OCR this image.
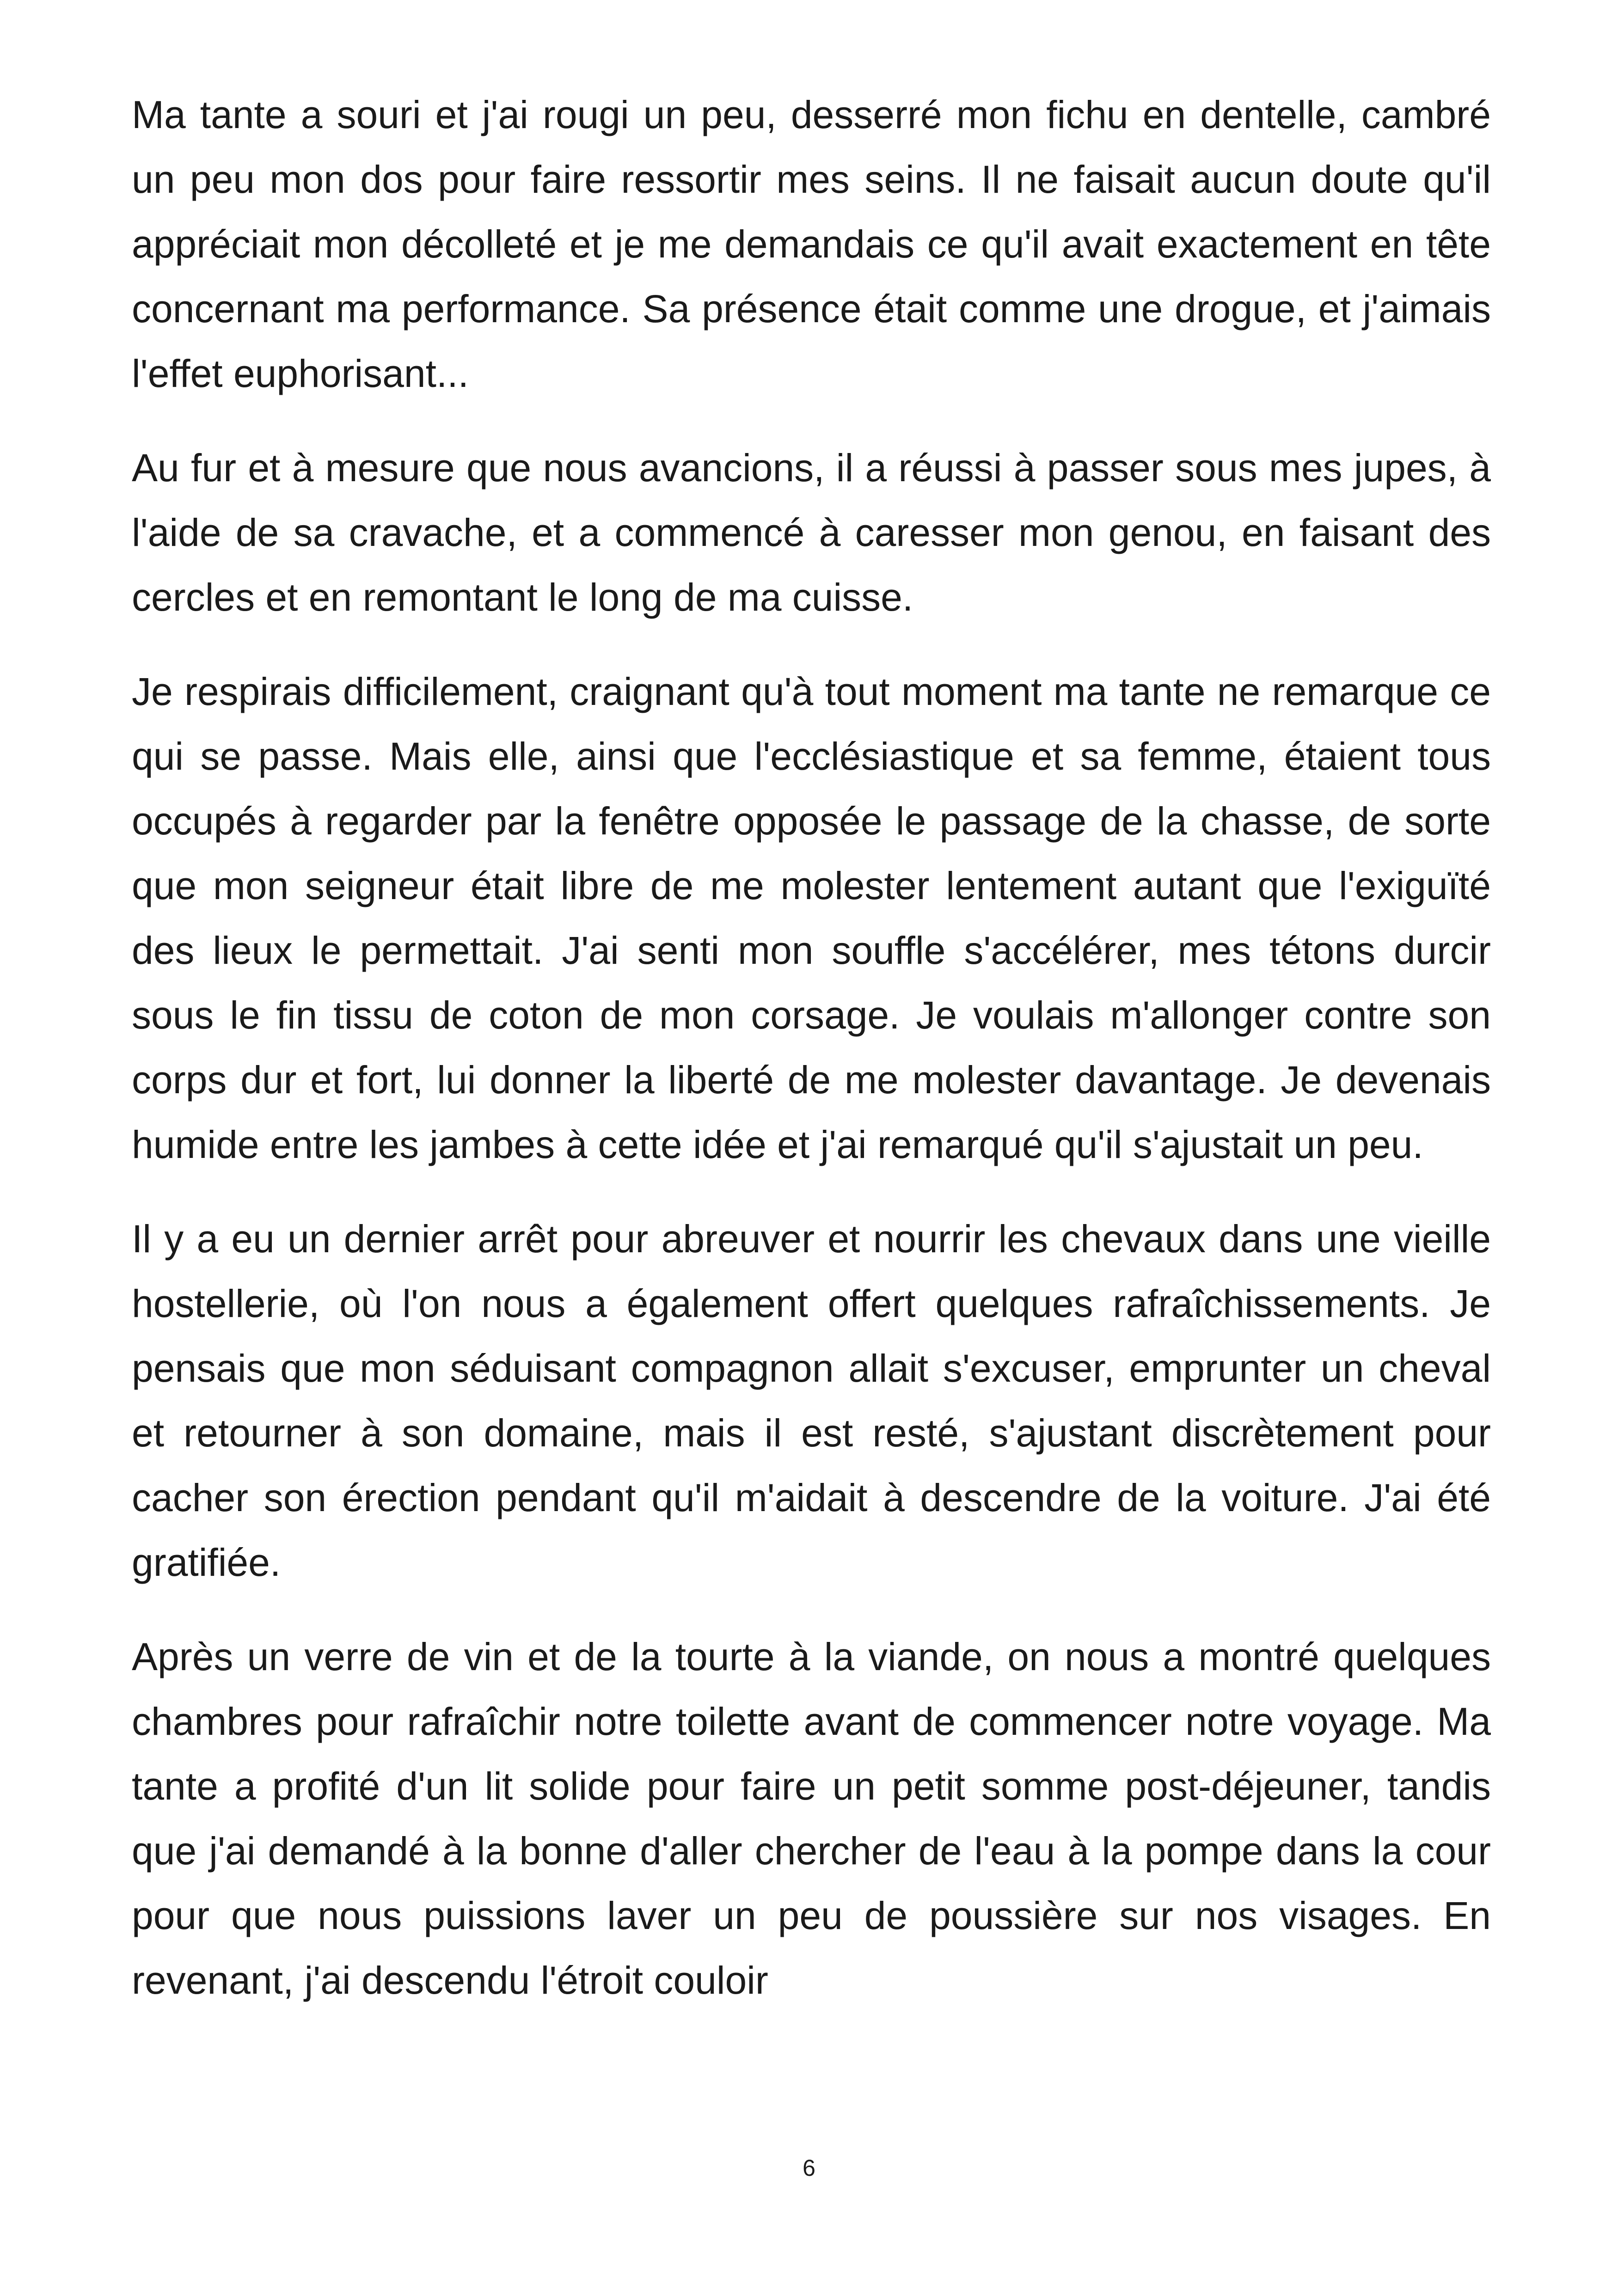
Ma tante a souri et j'ai rougi un peu, desserré mon fichu en dentelle, cambré un peu mon dos pour faire ressortir mes seins. Il ne faisait aucun doute qu'il appréciait mon décolleté et je me demandais ce qu'il avait exactement en tête concernant ma performance. Sa présence était comme une drogue, et j'aimais l'effet euphorisant...

Au fur et à mesure que nous avancions, il a réussi à passer sous mes jupes, à l'aide de sa cravache, et a commencé à caresser mon genou, en faisant des cercles et en remontant le long de ma cuisse.

Je respirais difficilement, craignant qu'à tout moment ma tante ne remarque ce qui se passe. Mais elle, ainsi que l'ecclésiastique et sa femme, étaient tous occupés à regarder par la fenêtre opposée le passage de la chasse, de sorte que mon seigneur était libre de me molester lentement autant que l'exiguïté des lieux le permettait. J'ai senti mon souffle s'accélérer, mes tétons durcir sous le fin tissu de coton de mon corsage. Je voulais m'allonger contre son corps dur et fort, lui donner la liberté de me molester davantage. Je devenais humide entre les jambes à cette idée et j'ai remarqué qu'il s'ajustait un peu.

Il y a eu un dernier arrêt pour abreuver et nourrir les chevaux dans une vieille hostellerie, où l'on nous a également offert quelques rafraîchissements. Je pensais que mon séduisant compagnon allait s'excuser, emprunter un cheval et retourner à son domaine, mais il est resté, s'ajustant discrètement pour cacher son érection pendant qu'il m'aidait à descendre de la voiture. J'ai été gratifiée.

Après un verre de vin et de la tourte à la viande, on nous a montré quelques chambres pour rafraîchir notre toilette avant de commencer notre voyage. Ma tante a profité d'un lit solide pour faire un petit somme post-déjeuner, tandis que j'ai demandé à la bonne d'aller chercher de l'eau à la pompe dans la cour pour que nous puissions laver un peu de poussière sur nos visages. En revenant, j'ai descendu l'étroit couloir

6
